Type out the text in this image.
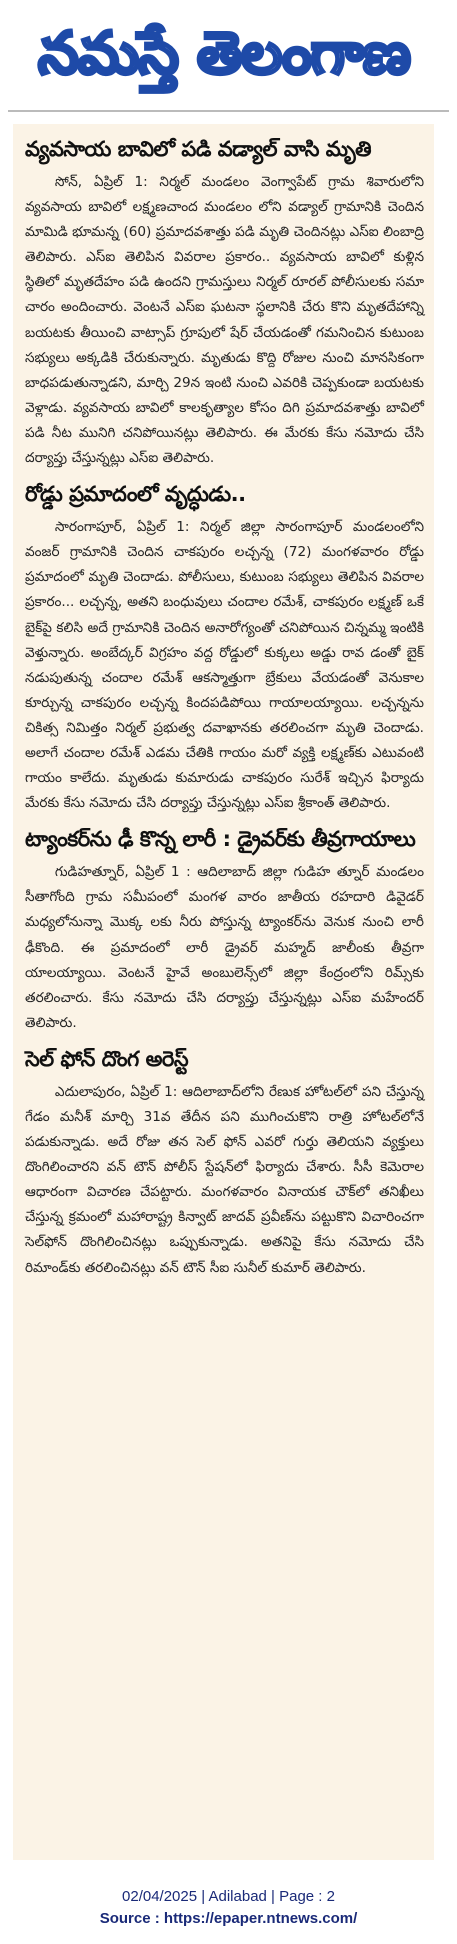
నమస్తే తెలంగాణ
వ్యవసాయ బావిలో పడి వడ్యాల్ వాసి మృతి

సోన్, ఏప్రిల్ 1: నిర్మల్ మండలం వెంగ్వాపేట్ గ్రామ శివారులోని వ్యవసాయ బావిలో లక్ష్మణచాంద మండలం లోని వడ్యాల్ గ్రామానికి చెందిన మామిడి భూమన్న (60) ప్రమాదవశాత్తు పడి మృతి చెందినట్లు ఎస్ఐ లింబాద్రి తెలిపారు. ఎస్ఐ తెలిపిన వివరాల ప్రకారం.. వ్యవసాయ బావిలో కుళ్లిన స్థితిలో మృతదేహం పడి ఉందని గ్రామస్తులు నిర్మల్ రూరల్ పోలీసులకు సమా చారం అందించారు. వెంటనే ఎస్ఐ ఘటనా స్థలానికి చేరు కొని మృతదేహాన్ని బయటకు తీయించి వాట్సాప్ గ్రూపులో షేర్ చేయడంతో గమనించిన కుటుంబ సభ్యులు అక్కడికి చేరుకున్నారు. మృతుడు కొద్ది రోజుల నుంచి మానసికంగా బాధపడుతున్నాడని, మార్చి 29న ఇంటి నుంచి ఎవరికి చెప్పకుండా బయటకు వెళ్లాడు. వ్యవసాయ బావిలో కాలకృత్యాల కోసం దిగి ప్రమాదవశాత్తు బావిలో పడి నీట మునిగి చనిపోయినట్లు తెలిపారు. ఈ మేరకు కేసు నమోదు చేసి దర్యాప్తు చేస్తున్నట్లు ఎస్ఐ తెలిపారు.

రోడ్డు ప్రమాదంలో వృద్ధుడు..

సారంగాపూర్, ఏప్రిల్ 1: నిర్మల్ జిల్లా సారంగాపూర్ మండలంలోని వంజర్ గ్రామానికి చెందిన చాకపురం లచ్చన్న (72) మంగళవారం రోడ్డు ప్రమాదంలో మృతి చెందాడు. పోలీసులు, కుటుంబ సభ్యులు తెలిపిన వివరాల ప్రకారం... లచ్చన్న, అతని బంధువులు చందాల రమేశ్, చాకపురం లక్ష్మణ్ ఒకే బైక్‌పై కలిసి అదే గ్రామానికి చెందిన అనారోగ్యంతో చనిపోయిన చిన్నమ్మ ఇంటికి వెళ్తున్నారు. అంబేద్కర్ విగ్రహం వద్ద రోడ్డులో కుక్కలు అడ్డు రావ డంతో బైక్ నడుపుతున్న చందాల రమేశ్ ఆకస్మాత్తుగా బ్రేకులు వేయడంతో వెనుకాల కూర్చున్న చాకపురం లచ్చన్న కిందపడిపోయి గాయాలయ్యాయి. లచ్చన్నను చికిత్స నిమిత్తం నిర్మల్ ప్రభుత్వ దవాఖానకు తరలించగా మృతి చెందాడు. అలాగే చందాల రమేశ్ ఎడమ చేతికి గాయం మరో వ్యక్తి లక్ష్మణ్‌కు ఎటువంటి గాయం కాలేదు. మృతుడు కుమారుడు చాకపురం సురేశ్ ఇచ్చిన ఫిర్యాదు మేరకు కేసు నమోదు చేసి దర్యాప్తు చేస్తున్నట్లు ఎస్ఐ శ్రీకాంత్ తెలిపారు.

ట్యాంకర్‌ను ఢీ కొన్న లారీ : డ్రైవర్‌కు తీవ్రగాయాలు

గుడిహత్నూర్, ఏప్రిల్ 1 : ఆదిలాబాద్ జిల్లా గుడిహ త్నూర్ మండలం సీతాగోంది గ్రామ సమీపంలో మంగళ వారం జాతీయ రహదారి డివైడర్ మధ్యలోనున్నా మొక్క లకు నీరు పోస్తున్న ట్యాంకర్‌ను వెనుక నుంచి లారీ ఢీకొంది. ఈ ప్రమాదంలో లారీ డ్రైవర్ మహ్మద్ జాలీంకు తీవ్రగా యాలయ్యాయి. వెంటనే హైవే అంబులెన్స్‌లో జిల్లా కేంద్రంలోని రిమ్స్‌కు తరలించారు. కేసు నమోదు చేసి దర్యాప్తు చేస్తున్నట్లు ఎస్ఐ మహేందర్ తెలిపారు.

సెల్ ఫోన్ దొంగ అరెస్ట్

ఎదులాపురం, ఏప్రిల్ 1: ఆదిలాబాద్‌లోని రేణుక హోటల్‌లో పని చేస్తున్న గేడం మనీశ్ మార్చి 31వ తేదీన పని ముగించుకొని రాత్రి హోటల్‌లోనే పడుకున్నాడు. అదే రోజు తన సెల్ ఫోన్ ఎవరో గుర్తు తెలియని వ్యక్తులు దొంగిలించారని వన్ టౌన్ పోలీస్ స్టేషన్‌లో ఫిర్యాదు చేశారు. సీసీ కెమెరాల ఆధారంగా విచారణ చేపట్టారు. మంగళవారం వినాయక చౌక్‌లో తనిఖీలు చేస్తున్న క్రమంలో మహారాష్ట్ర కిన్వాట్ జాదవ్ ప్రవీణ్‌ను పట్టుకొని విచారించగా సెల్‌ఫోన్ దొంగిలించినట్లు ఒప్పుకున్నాడు. అతనిపై కేసు నమోదు చేసి రిమాండ్‌కు తరలించినట్లు వన్ టౌన్ సీఐ సునీల్ కుమార్ తెలిపారు.

02/04/2025 | Adilabad | Page : 2
Source : https://epaper.ntnews.com/
